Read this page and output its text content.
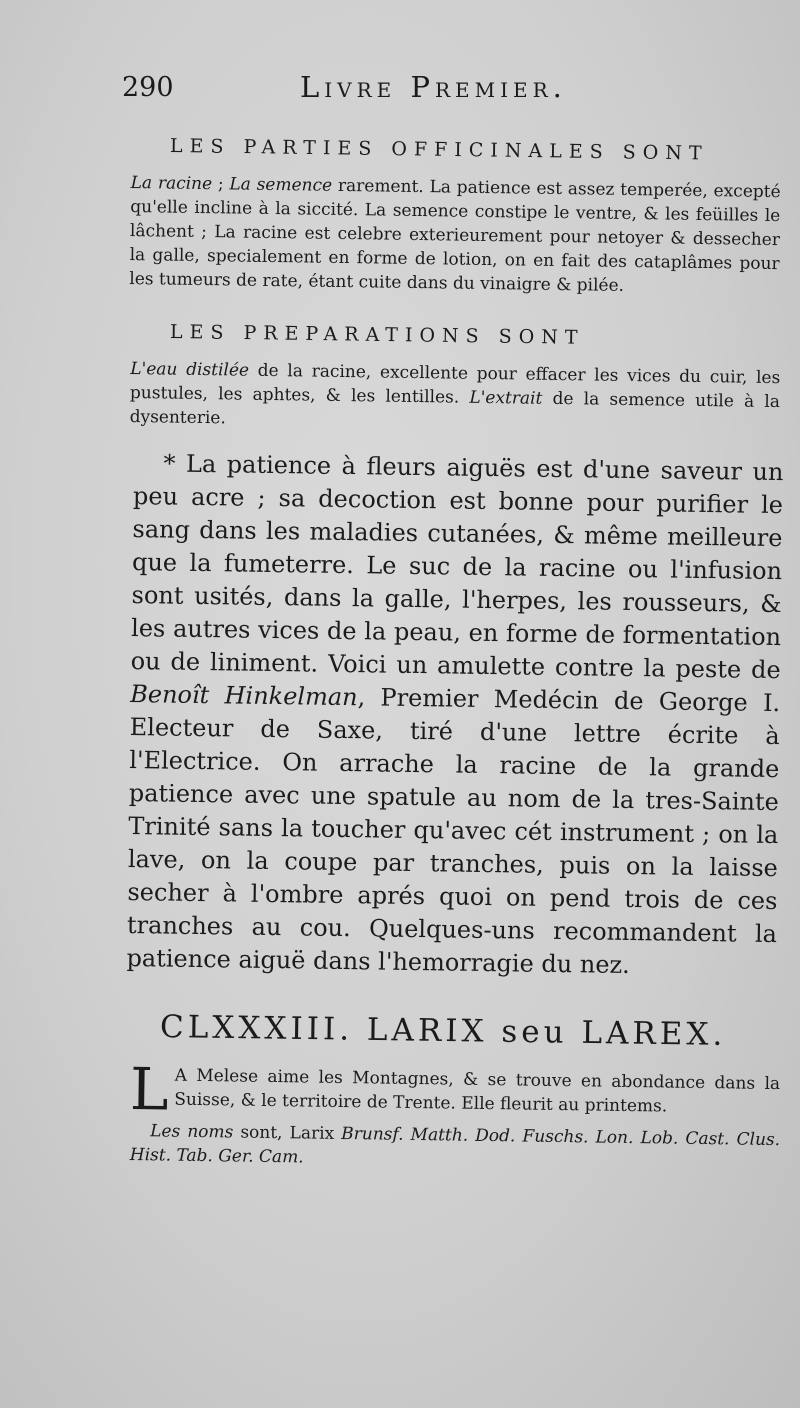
290	Livre Premier.
LES PARTIES OFFICINALES SONT

La racine ; La semence rarement. La patience est assez temperée, excepté qu'elle incline à la siccité. La semence constipe le ventre, & les feüilles le lâchent ; La racine est celebre exterieurement pour netoyer & dessecher la galle, specialement en forme de lotion, on en fait des cataplâmes pour les tumeurs de rate, étant cuite dans du vinaigre & pilée.

LES PREPARATIONS SONT

L'eau distilée de la racine, excellente pour effacer les vices du cuir, les pustules, les aphtes, & les lentilles. L'extrait de la semence utile à la dysenterie.

* La patience à fleurs aiguës est d'une saveur un peu acre ; sa decoction est bonne pour purifier le sang dans les maladies cutanées, & même meilleure que la fumeterre. Le suc de la racine ou l'infusion sont usités, dans la galle, l'herpes, les rousseurs, & les autres vices de la peau, en forme de formentation ou de liniment. Voici un amulette contre la peste de Benoît Hinkelman, Premier Medécin de George I. Electeur de Saxe, tiré d'une lettre écrite à l'Electrice. On arrache la racine de la grande patience avec une spatule au nom de la tres-Sainte Trinité sans la toucher qu'avec cét instrument ; on la lave, on la coupe par tranches, puis on la laisse secher à l'ombre aprés quoi on pend trois de ces tranches au cou. Quelques-uns recommandent la patience aiguë dans l'hemorragie du nez.

CLXXXIII. LARIX seu LAREX.

L A Melese aime les Montagnes, & se trouve en abondance dans la Suisse, & le territoire de Trente. Elle fleurit au printems.

Les noms sont, Larix Brunsf. Matth. Dod. Fuschs. Lon. Lob. Cast. Clus. Hist. Tab. Ger. Cam.
